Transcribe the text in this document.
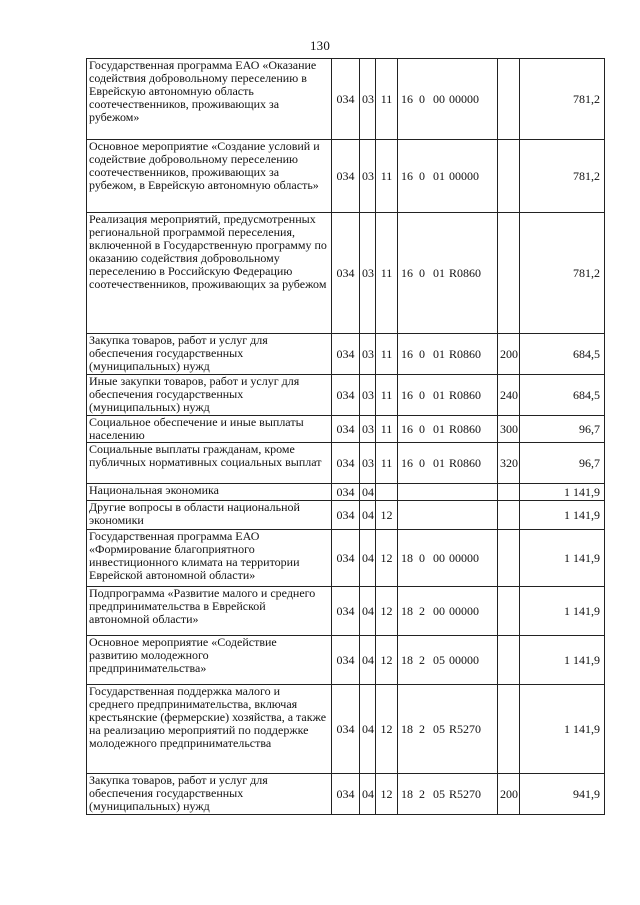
130
Государственная программа ЕАО «Оказание содействия добровольному переселению в Еврейскую автономную область соотечественников, проживающих за рубежом»	034	03	11	16 0 00 00000		781,2
Основное мероприятие «Создание условий и содействие добровольному переселению соотечественников, проживающих за рубежом, в Еврейскую автономную область»	034	03	11	16 0 01 00000		781,2
Реализация мероприятий, предусмотренных региональной программой переселения, включенной в Государственную программу по оказанию содействия добровольному переселению в Российскую Федерацию соотечественников, проживающих за рубежом	034	03	11	16 0 01 R0860		781,2
Закупка товаров, работ и услуг для обеспечения государственных (муниципальных) нужд	034	03	11	16 0 01 R0860	200	684,5
Иные закупки товаров, работ и услуг для обеспечения государственных (муниципальных) нужд	034	03	11	16 0 01 R0860	240	684,5
Социальное обеспечение и иные выплаты населению	034	03	11	16 0 01 R0860	300	96,7
Социальные выплаты гражданам, кроме публичных нормативных социальных выплат	034	03	11	16 0 01 R0860	320	96,7
Национальная экономика	034	04				1 141,9
Другие вопросы в области национальной экономики	034	04	12			1 141,9
Государственная программа ЕАО «Формирование благоприятного инвестиционного климата на территории Еврейской автономной области»	034	04	12	18 0 00 00000		1 141,9
Подпрограмма «Развитие малого и среднего предпринимательства в Еврейской автономной области»	034	04	12	18 2 00 00000		1 141,9
Основное мероприятие «Содействие развитию молодежного предпринимательства»	034	04	12	18 2 05 00000		1 141,9
Государственная поддержка малого и среднего предпринимательства, включая крестьянские (фермерские) хозяйства, а также на реализацию мероприятий по поддержке молодежного предпринимательства	034	04	12	18 2 05 R5270		1 141,9
Закупка товаров, работ и услуг для обеспечения государственных (муниципальных) нужд	034	04	12	18 2 05 R5270	200	941,9
